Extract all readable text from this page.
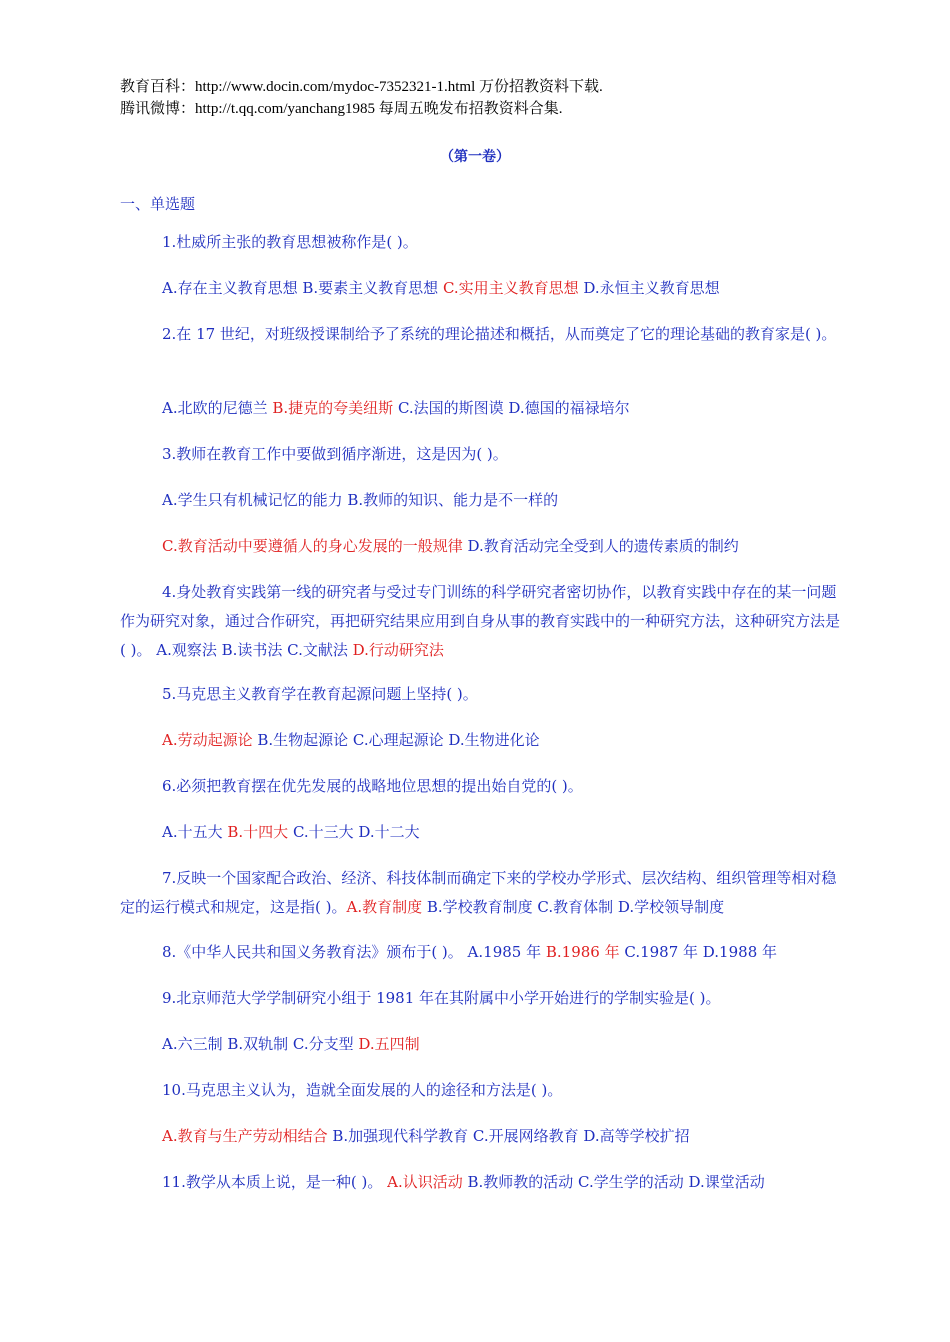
教育百科：http://www.docin.com/mydoc-7352321-1.html 万份招教资料下载.
腾讯微博：http://t.qq.com/yanchang1985 每周五晚发布招教资料合集.
（第一卷）
一、单选题
1.杜威所主张的教育思想被称作是( )。
A.存在主义教育思想 B.要素主义教育思想 C.实用主义教育思想 D.永恒主义教育思想
2.在 17 世纪，对班级授课制给予了系统的理论描述和概括，从而奠定了它的理论基础的教育家是( )。
A.北欧的尼德兰 B.捷克的夸美纽斯 C.法国的斯图谟 D.德国的福禄培尔
3.教师在教育工作中要做到循序渐进，这是因为( )。
A.学生只有机械记忆的能力 B.教师的知识、能力是不一样的
C.教育活动中要遵循人的身心发展的一般规律 D.教育活动完全受到人的遗传素质的制约
4.身处教育实践第一线的研究者与受过专门训练的科学研究者密切协作，以教育实践中存在的某一问题作为研究对象，通过合作研究，再把研究结果应用到自身从事的教育实践中的一种研究方法，这种研究方法是( )。 A.观察法 B.读书法 C.文献法 D.行动研究法
5.马克思主义教育学在教育起源问题上坚持( )。
A.劳动起源论 B.生物起源论 C.心理起源论 D.生物进化论
6.必须把教育摆在优先发展的战略地位思想的提出始自党的( )。
A.十五大 B.十四大 C.十三大 D.十二大
7.反映一个国家配合政治、经济、科技体制而确定下来的学校办学形式、层次结构、组织管理等相对稳定的运行模式和规定，这是指( )。A.教育制度 B.学校教育制度 C.教育体制 D.学校领导制度
8.《中华人民共和国义务教育法》颁布于( )。 A.1985 年 B.1986 年 C.1987 年 D.1988 年
9.北京师范大学学制研究小组于 1981 年在其附属中小学开始进行的学制实验是( )。
A.六三制 B.双轨制 C.分支型 D.五四制
10.马克思主义认为，造就全面发展的人的途径和方法是( )。
A.教育与生产劳动相结合 B.加强现代科学教育 C.开展网络教育 D.高等学校扩招
11.教学从本质上说，是一种( )。 A.认识活动 B.教师教的活动 C.学生学的活动 D.课堂活动
